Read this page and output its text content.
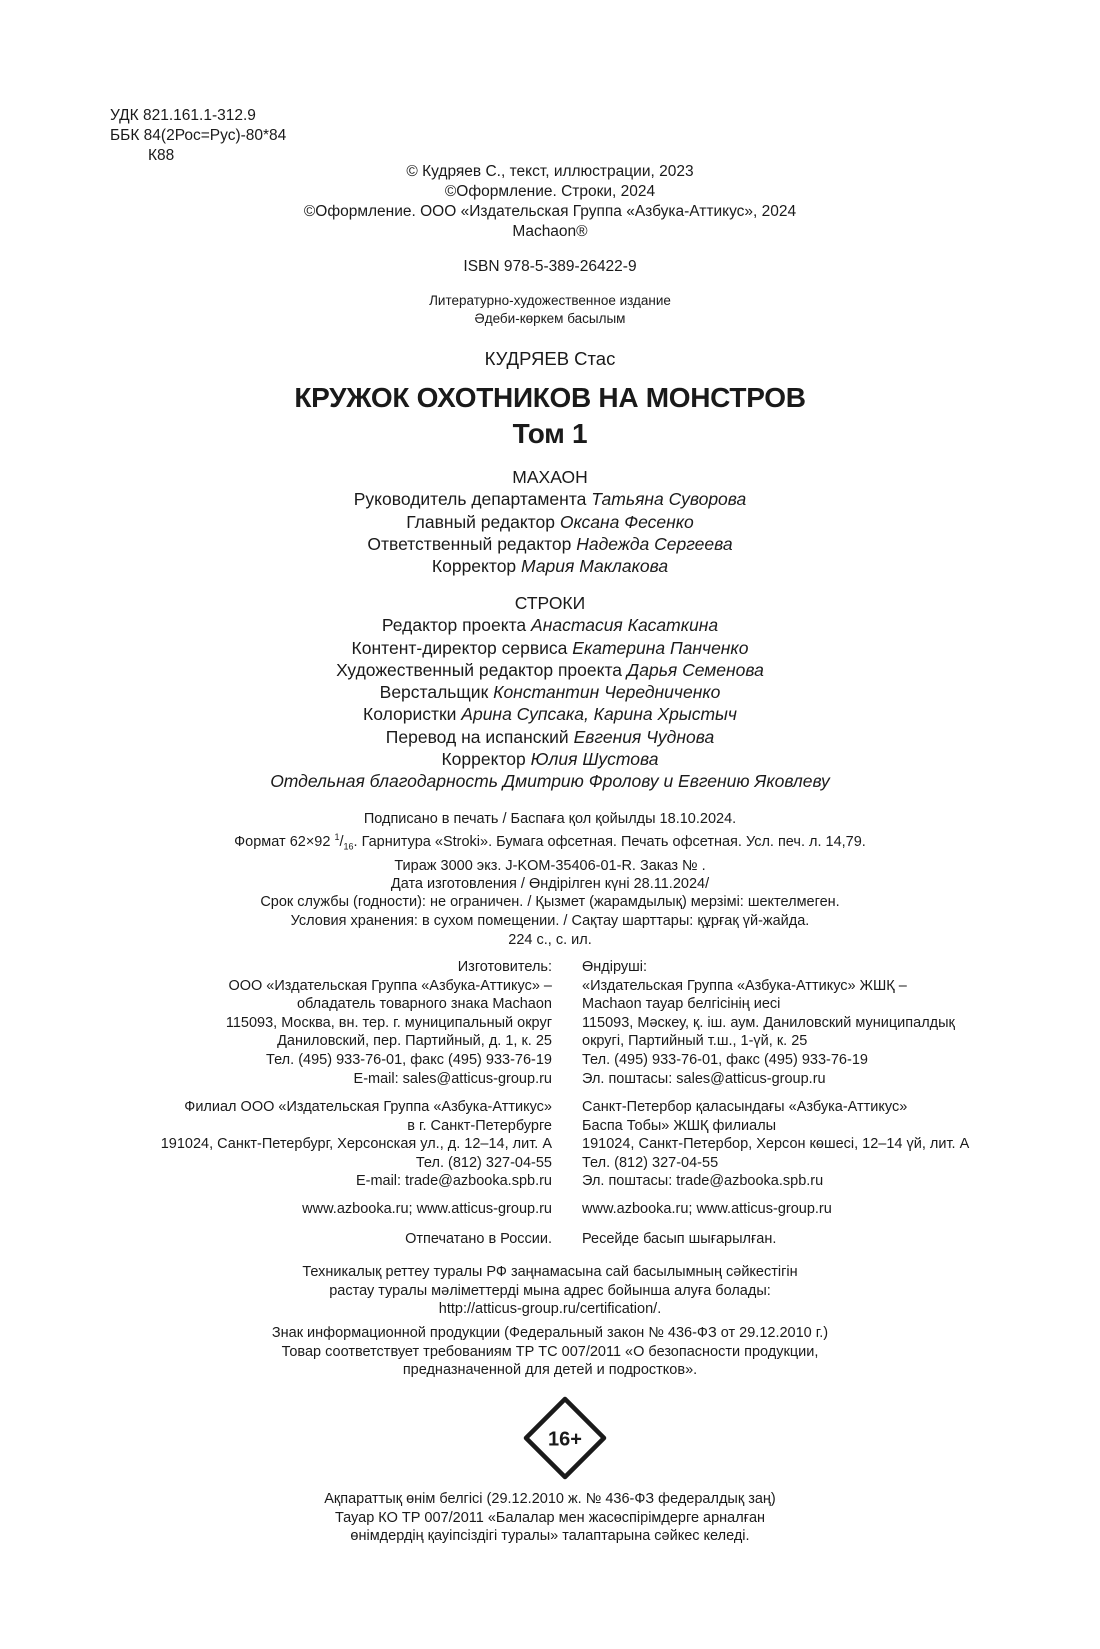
УДК 821.161.1-312.9
ББК 84(2Рос=Рус)-80*84
К88
© Кудряев С., текст, иллюстрации, 2023
©Оформление. Строки, 2024
©Оформление. ООО «Издательская Группа «Азбука-Аттикус», 2024
Machaon®
ISBN 978-5-389-26422-9
Литературно-художественное издание
Әдеби-көркем басылым
КУДРЯЕВ Стас
КРУЖОК ОХОТНИКОВ НА МОНСТРОВ
Том 1
МАХАОН
Руководитель департамента Татьяна Суворова
Главный редактор Оксана Фесенко
Ответственный редактор Надежда Сергеева
Корректор Мария Маклакова
СТРОКИ
Редактор проекта Анастасия Касаткина
Контент-директор сервиса Екатерина Панченко
Художественный редактор проекта Дарья Семенова
Верстальщик Константин Чередниченко
Колористки Арина Супсака, Карина Хрыстыч
Перевод на испанский Евгения Чуднова
Корректор Юлия Шустова
Отдельная благодарность Дмитрию Фролову и Евгению Яковлеву
Подписано в печать / Баспаға қол қойылды 18.10.2024.
Формат 62×92 $^1/_{16}$. Гарнитура «Stroki». Бумага офсетная. Печать офсетная. Усл. печ. л. 14,79.
Тираж 3000 экз. J-KOM-35406-01-R. Заказ № .
Дата изготовления / Өндірілген күні 28.11.2024/
Срок службы (годности): не ограничен. / Қызмет (жарамдылық) мерзімі: шектелмеген.
Условия хранения: в сухом помещении. / Сақтау шарттары: құрғақ үй-жайда.
224 с., с. ил.
Изготовитель:
ООО «Издательская Группа «Азбука-Аттикус» –
обладатель товарного знака Machaon
115093, Москва, вн. тер. г. муниципальный округ
Даниловский, пер. Партийный, д. 1, к. 25
Тел. (495) 933-76-01, факс (495) 933-76-19
E-mail: sales@atticus-group.ru
Өндіруші:
«Издательская Группа «Азбука-Аттикус» ЖШҚ –
Machaon тауар белгісінің иесі
115093, Мәскеу, қ. іш. аум. Даниловский муниципалдық
округі, Партийный т.ш., 1-үй, к. 25
Тел. (495) 933-76-01, факс (495) 933-76-19
Эл. поштасы: sales@atticus-group.ru
Филиал ООО «Издательская Группа «Азбука-Аттикус»
в г. Санкт-Петербурге
191024, Санкт-Петербург, Херсонская ул., д. 12–14, лит. А
Тел. (812) 327-04-55
E-mail: trade@azbooka.spb.ru
Санкт-Петербор қаласындағы «Азбука-Аттикус»
Баспа Тобы» ЖШҚ филиалы
191024, Санкт-Петербор, Херсон көшесі, 12–14 үй, лит. А
Тел. (812) 327-04-55
Эл. поштасы: trade@azbooka.spb.ru
www.azbooka.ru; www.atticus-group.ru www.azbooka.ru; www.atticus-group.ru
Отпечатано в России. Ресейде басып шығарылған.
Техникалық реттеу туралы РФ заңнамасына сай басылымның сәйкестігін
растау туралы мәліметтерді мына адрес бойынша алуға болады:
http://atticus-group.ru/certification/.
Знак информационной продукции (Федеральный закон № 436-ФЗ от 29.12.2010 г.)
Товар соответствует требованиям ТР ТС 007/2011 «О безопасности продукции,
предназначенной для детей и подростков».
16+
Ақпараттық өнім белгісі (29.12.2010 ж. № 436-ФЗ федералдық заң)
Тауар КО ТР 007/2011 «Балалар мен жасөспірімдерге арналған
өнімдердің қауіпсіздігі туралы» талаптарына сәйкес келеді.
